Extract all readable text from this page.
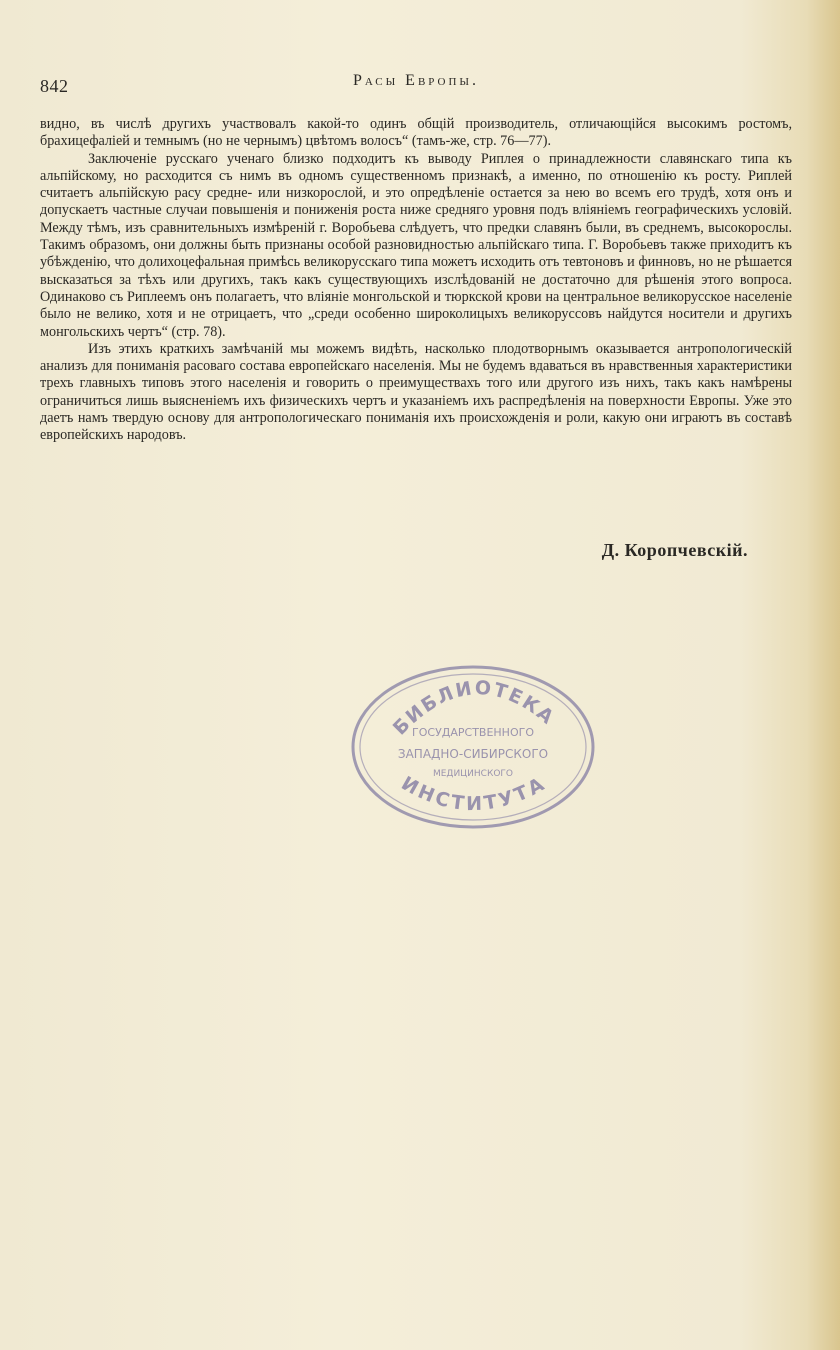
842	Расы Европы.

видно, въ числѣ другихъ участвовалъ какой-то одинъ общій производитель, отличающійся высокимъ ростомъ, брахицефаліей и темнымъ (но не чернымъ) цвѣтомъ волосъ“ (тамъ-же, стр. 76—77).

Заключеніе русскаго ученаго близко подходитъ къ выводу Риплея о принадлежности славянскаго типа къ альпійскому, но расходится съ нимъ въ одномъ существенномъ признакѣ, а именно, по отношенію къ росту. Риплей считаетъ альпійскую расу средне- или низкорослой, и это опредѣленіе остается за нею во всемъ его трудѣ, хотя онъ и допускаетъ частные случаи повышенія и пониженія роста ниже средняго уровня подъ вліяніемъ географическихъ условій. Между тѣмъ, изъ сравнительныхъ измѣреній г. Воробьева слѣдуетъ, что предки славянъ были, въ среднемъ, высокорослы. Такимъ образомъ, они должны быть признаны особой разновидностью альпійскаго типа. Г. Воробьевъ также приходитъ къ убѣжденію, что долихоцефальная примѣсь великорусскаго типа можетъ исходить отъ тевтоновъ и финновъ, но не рѣшается высказаться за тѣхъ или другихъ, такъ какъ существующихъ изслѣдованій не достаточно для рѣшенія этого вопроса. Одинаково съ Риплеемъ онъ полагаетъ, что вліяніе монгольской и тюркской крови на центральное великорусское населеніе было не велико, хотя и не отрицаетъ, что „среди особенно широколицыхъ великоруссовъ найдутся носители и другихъ монгольскихъ чертъ“ (стр. 78).

Изъ этихъ краткихъ замѣчаній мы можемъ видѣть, насколько плодотворнымъ оказывается антропологическій анализъ для пониманія расоваго состава европейскаго населенія. Мы не будемъ вдаваться въ нравственныя характеристики трехъ главныхъ типовъ этого населенія и говорить о преимуществахъ того или другого изъ нихъ, такъ какъ намѣрены ограничиться лишь выясненіемъ ихъ физическихъ чертъ и указаніемъ ихъ распредѣленія на поверхности Европы. Уже это даетъ намъ твердую основу для антропологическаго пониманія ихъ происхожденія и роли, какую они играютъ въ составѣ европейскихъ народовъ.

Д. Коропчевскій.
БИБЛИОТЕКА
ГОСУДАРСТВЕННОГО
ЗАПАДНО-СИБИРСКОГО
МЕДИЦИНСКОГО
ИНСТИТУТА
